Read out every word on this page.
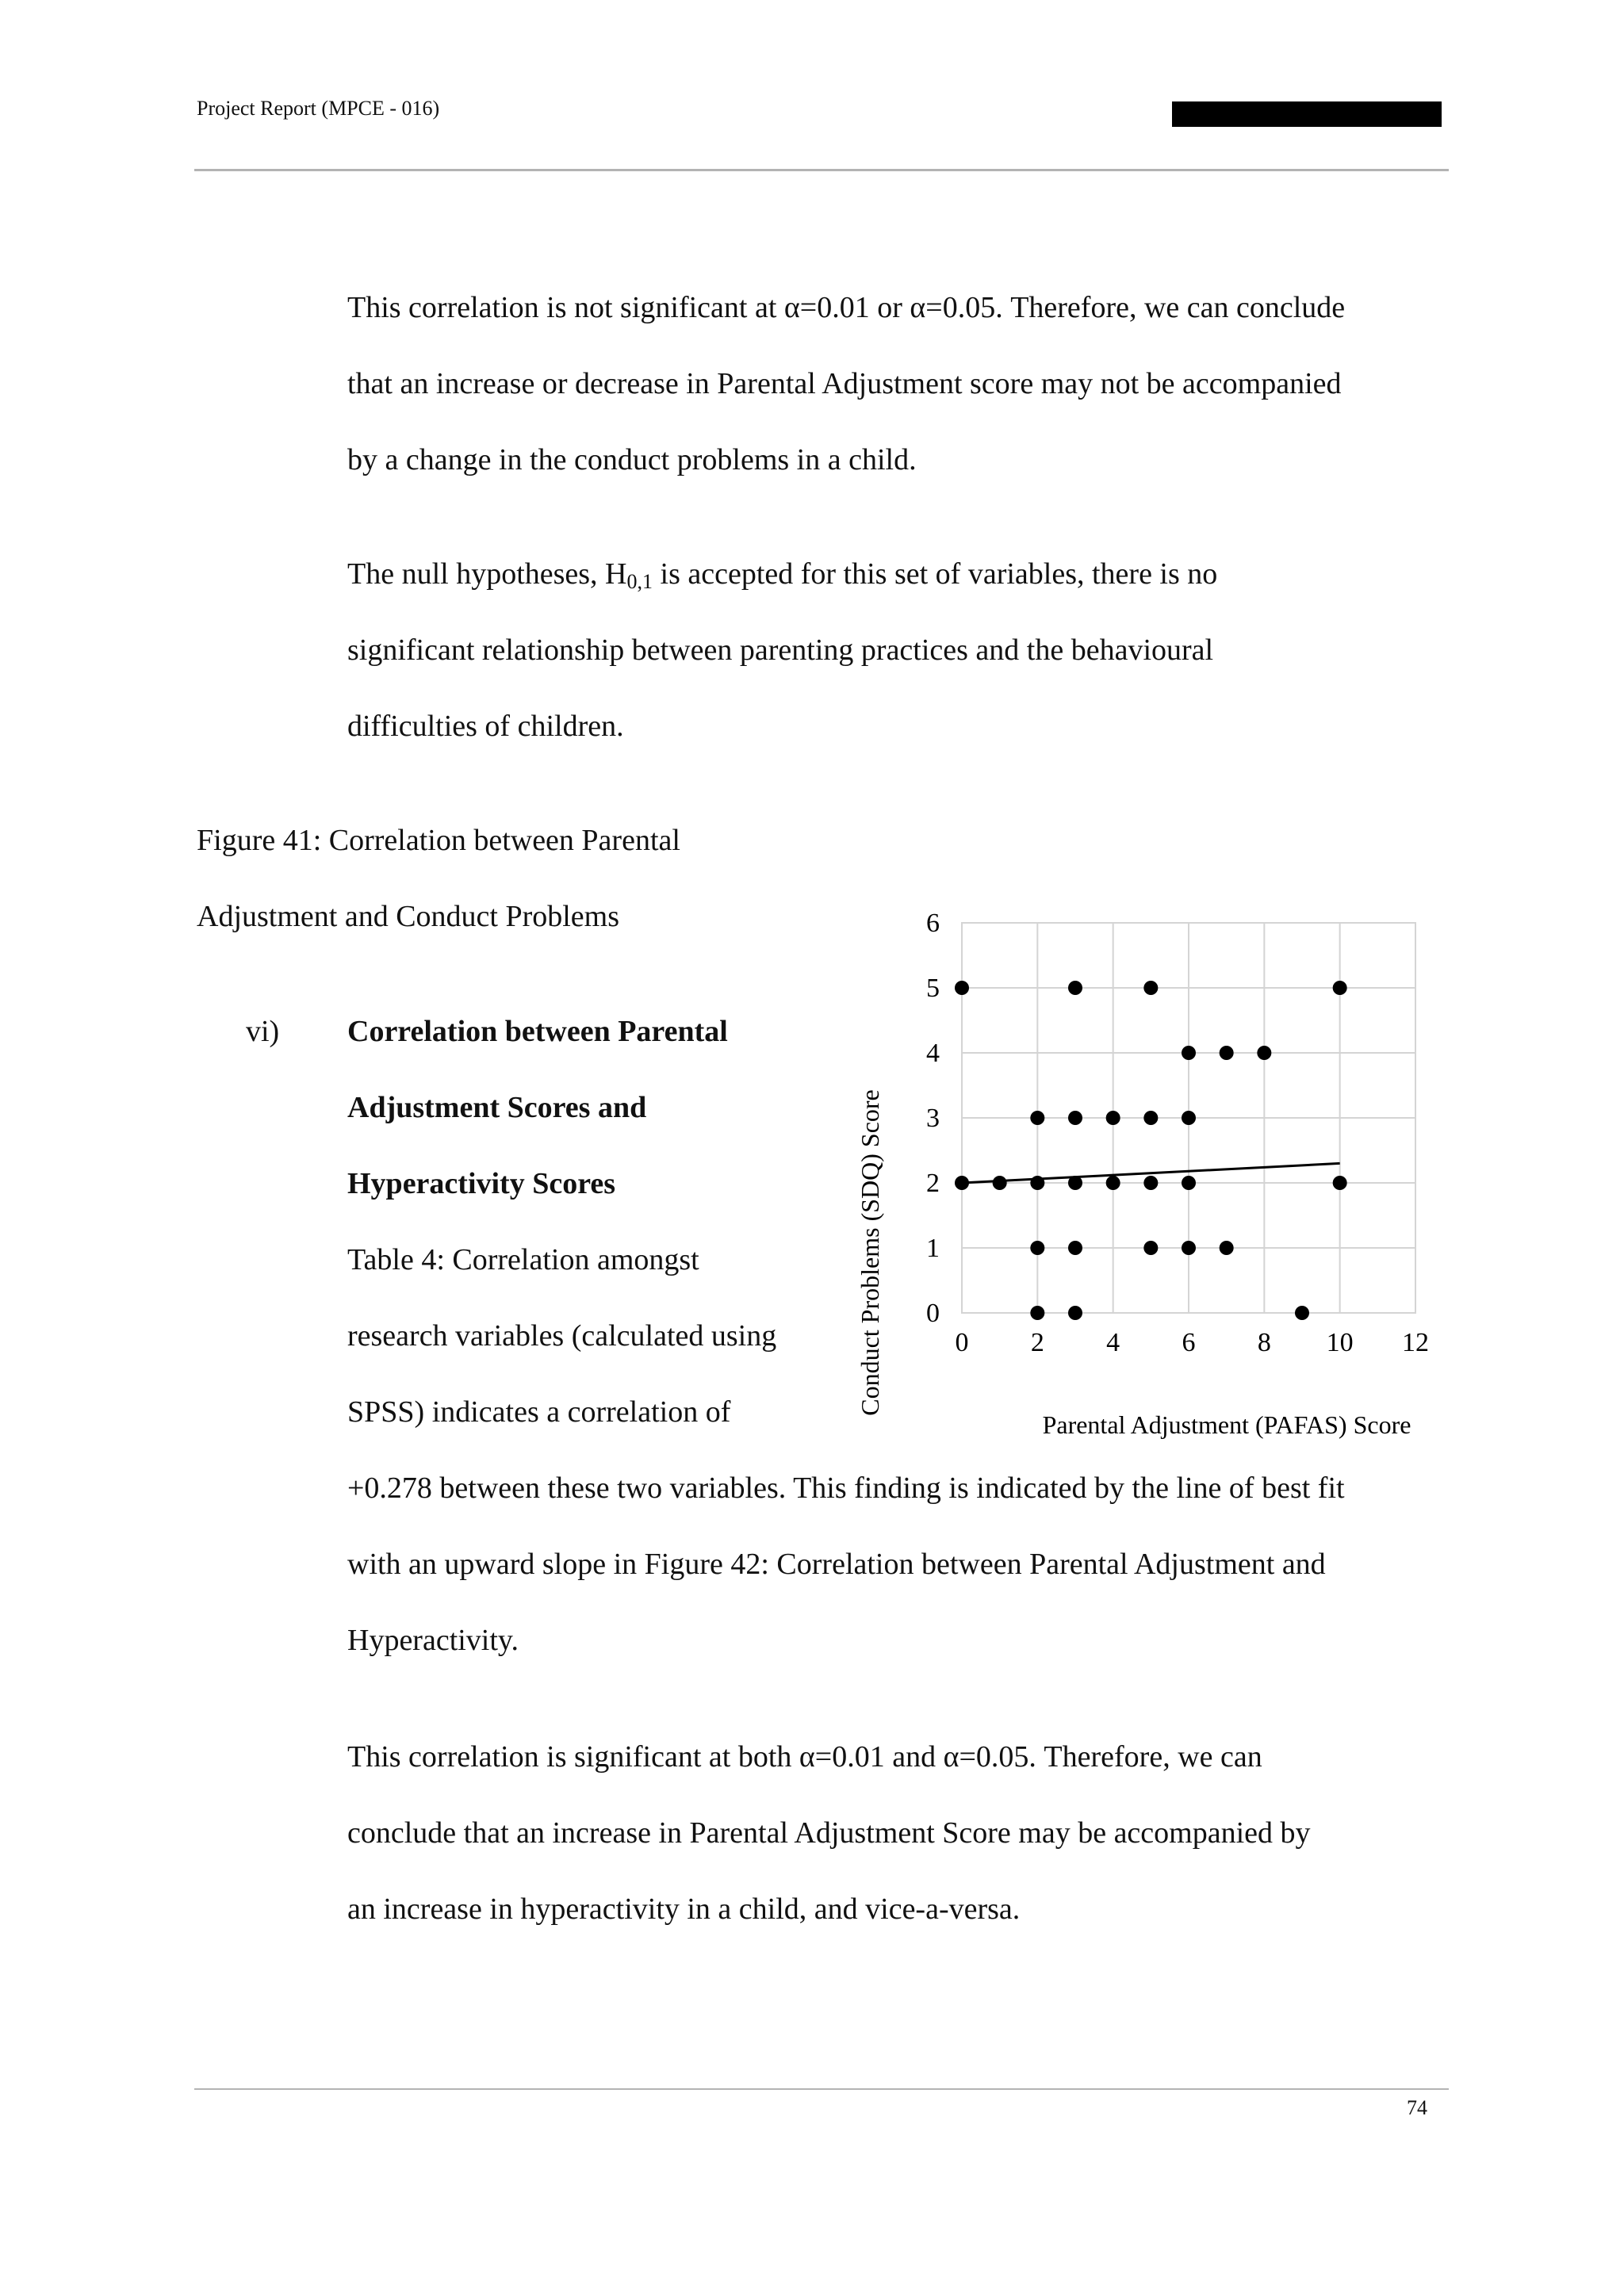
Project Report (MPCE - 016)

This correlation is not significant at α=0.01 or α=0.05. Therefore, we can conclude

that an increase or decrease in Parental Adjustment score may not be accompanied

by a change in the conduct problems in a child.

The null hypotheses, $H_{0,1}$ is accepted for this set of variables, there is no

significant relationship between parenting practices and the behavioural

difficulties of children.

Figure 41: Correlation between Parental
Adjustment and Conduct Problems
vi) Correlation between Parental

Adjustment Scores and

Hyperactivity Scores

Table 4: Correlation amongst

research variables (calculated using

SPSS) indicates a correlation of

+0.278 between these two variables. This finding is indicated by the line of best fit

with an upward slope in Figure 42: Correlation between Parental Adjustment and

Hyperactivity.

This correlation is significant at both α=0.01 and α=0.05. Therefore, we can

conclude that an increase in Parental Adjustment Score may be accompanied by

an increase in hyperactivity in a child, and vice-a-versa.

0 2 4 6 8 10 12
0
1
2
3
4
5
6
Conduct Problems (SDQ) Score
Parental Adjustment (PAFAS) Score
74
